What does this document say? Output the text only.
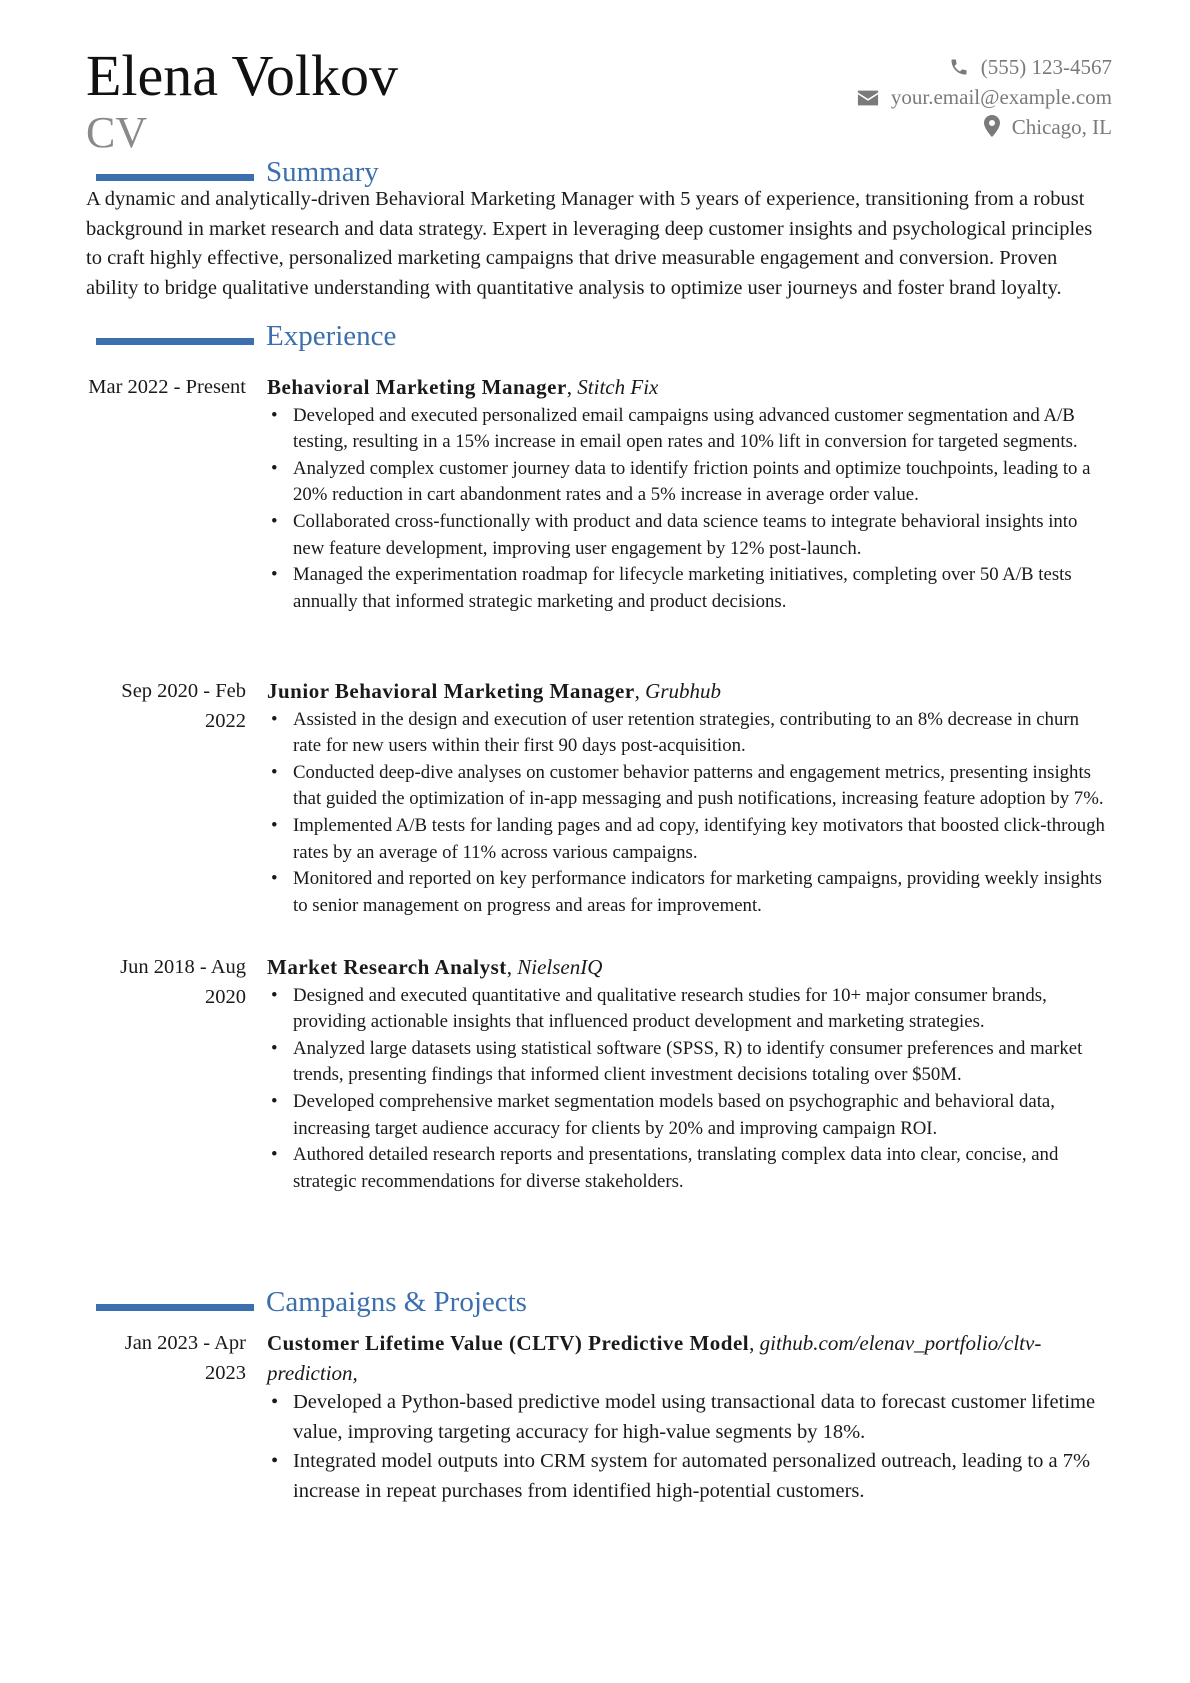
Elena Volkov
CV
(555) 123-4567
your.email@example.com
Chicago, IL
Summary
A dynamic and analytically-driven Behavioral Marketing Manager with 5 years of experience, transitioning from a robust background in market research and data strategy. Expert in leveraging deep customer insights and psychological principles to craft highly effective, personalized marketing campaigns that drive measurable engagement and conversion. Proven ability to bridge qualitative understanding with quantitative analysis to optimize user journeys and foster brand loyalty.
Experience
Mar 2022 - Present Behavioral Marketing Manager, Stitch Fix
• Developed and executed personalized email campaigns using advanced customer segmentation and A/B testing, resulting in a 15% increase in email open rates and 10% lift in conversion for targeted segments.
• Analyzed complex customer journey data to identify friction points and optimize touchpoints, leading to a 20% reduction in cart abandonment rates and a 5% increase in average order value.
• Collaborated cross-functionally with product and data science teams to integrate behavioral insights into new feature development, improving user engagement by 12% post-launch.
• Managed the experimentation roadmap for lifecycle marketing initiatives, completing over 50 A/B tests annually that informed strategic marketing and product decisions.
Sep 2020 - Feb 2022
Junior Behavioral Marketing Manager, Grubhub
• Assisted in the design and execution of user retention strategies, contributing to an 8% decrease in churn rate for new users within their first 90 days post-acquisition.
• Conducted deep-dive analyses on customer behavior patterns and engagement metrics, presenting insights that guided the optimization of in-app messaging and push notifications, increasing feature adoption by 7%.
• Implemented A/B tests for landing pages and ad copy, identifying key motivators that boosted click-through rates by an average of 11% across various campaigns.
• Monitored and reported on key performance indicators for marketing campaigns, providing weekly insights to senior management on progress and areas for improvement.
Jun 2018 - Aug 2020
Market Research Analyst, NielsenIQ
• Designed and executed quantitative and qualitative research studies for 10+ major consumer brands, providing actionable insights that influenced product development and marketing strategies.
• Analyzed large datasets using statistical software (SPSS, R) to identify consumer preferences and market trends, presenting findings that informed client investment decisions totaling over $50M.
• Developed comprehensive market segmentation models based on psychographic and behavioral data, increasing target audience accuracy for clients by 20% and improving campaign ROI.
• Authored detailed research reports and presentations, translating complex data into clear, concise, and strategic recommendations for diverse stakeholders.
Campaigns & Projects
Jan 2023 - Apr 2023
Customer Lifetime Value (CLTV) Predictive Model, github.com/elenav_portfolio/cltv-prediction,
• Developed a Python-based predictive model using transactional data to forecast customer lifetime value, improving targeting accuracy for high-value segments by 18%.
• Integrated model outputs into CRM system for automated personalized outreach, leading to a 7% increase in repeat purchases from identified high-potential customers.
